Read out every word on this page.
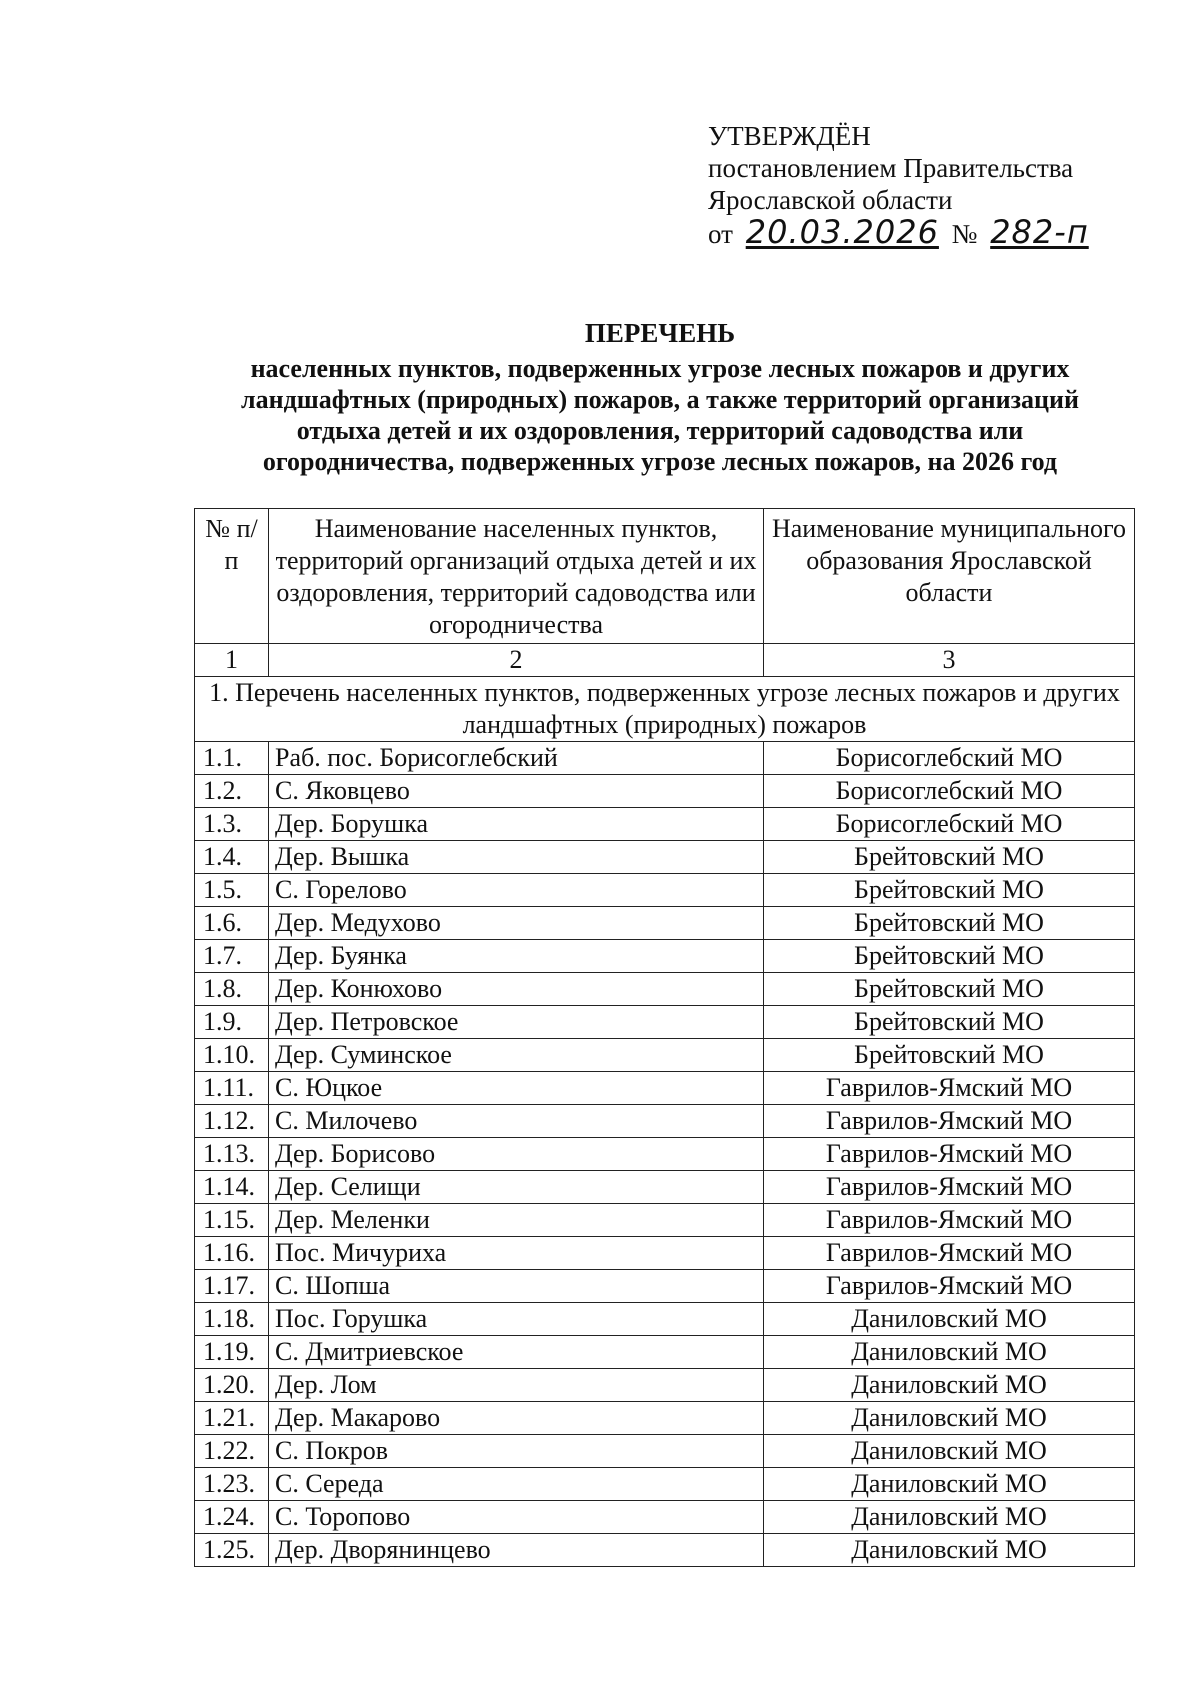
УТВЕРЖДЁН
постановлением Правительства
Ярославской области
от 20.03.2026 № 282-п
ПЕРЕЧЕНЬ
населенных пунктов, подверженных угрозе лесных пожаров и других
ландшафтных (природных) пожаров, а также территорий организаций
отдыха детей и их оздоровления, территорий садоводства или
огородничества, подверженных угрозе лесных пожаров, на 2026 год
№ п/п	Наименование населенных пунктов, территорий организаций отдыха детей и их оздоровления, территорий садоводства или огородничества	Наименование муниципального образования Ярославской области
1	2	3
1. Перечень населенных пунктов, подверженных угрозе лесных пожаров и других ландшафтных (природных) пожаров		
1.1.	Раб. пос. Борисоглебский	Борисоглебский МО
1.2.	С. Яковцево	Борисоглебский МО
1.3.	Дер. Борушка	Борисоглебский МО
1.4.	Дер. Вышка	Брейтовский МО
1.5.	С. Горелово	Брейтовский МО
1.6.	Дер. Медухово	Брейтовский МО
1.7.	Дер. Буянка	Брейтовский МО
1.8.	Дер. Конюхово	Брейтовский МО
1.9.	Дер. Петровское	Брейтовский МО
1.10.	Дер. Суминское	Брейтовский МО
1.11.	С. Юцкое	Гаврилов-Ямский МО
1.12.	С. Милочево	Гаврилов-Ямский МО
1.13.	Дер. Борисово	Гаврилов-Ямский МО
1.14.	Дер. Селищи	Гаврилов-Ямский МО
1.15.	Дер. Меленки	Гаврилов-Ямский МО
1.16.	Пос. Мичуриха	Гаврилов-Ямский МО
1.17.	С. Шопша	Гаврилов-Ямский МО
1.18.	Пос. Горушка	Даниловский МО
1.19.	С. Дмитриевское	Даниловский МО
1.20.	Дер. Лом	Даниловский МО
1.21.	Дер. Макарово	Даниловский МО
1.22.	С. Покров	Даниловский МО
1.23.	С. Середа	Даниловский МО
1.24.	С. Торопово	Даниловский МО
1.25.	Дер. Дворянинцево	Даниловский МО
